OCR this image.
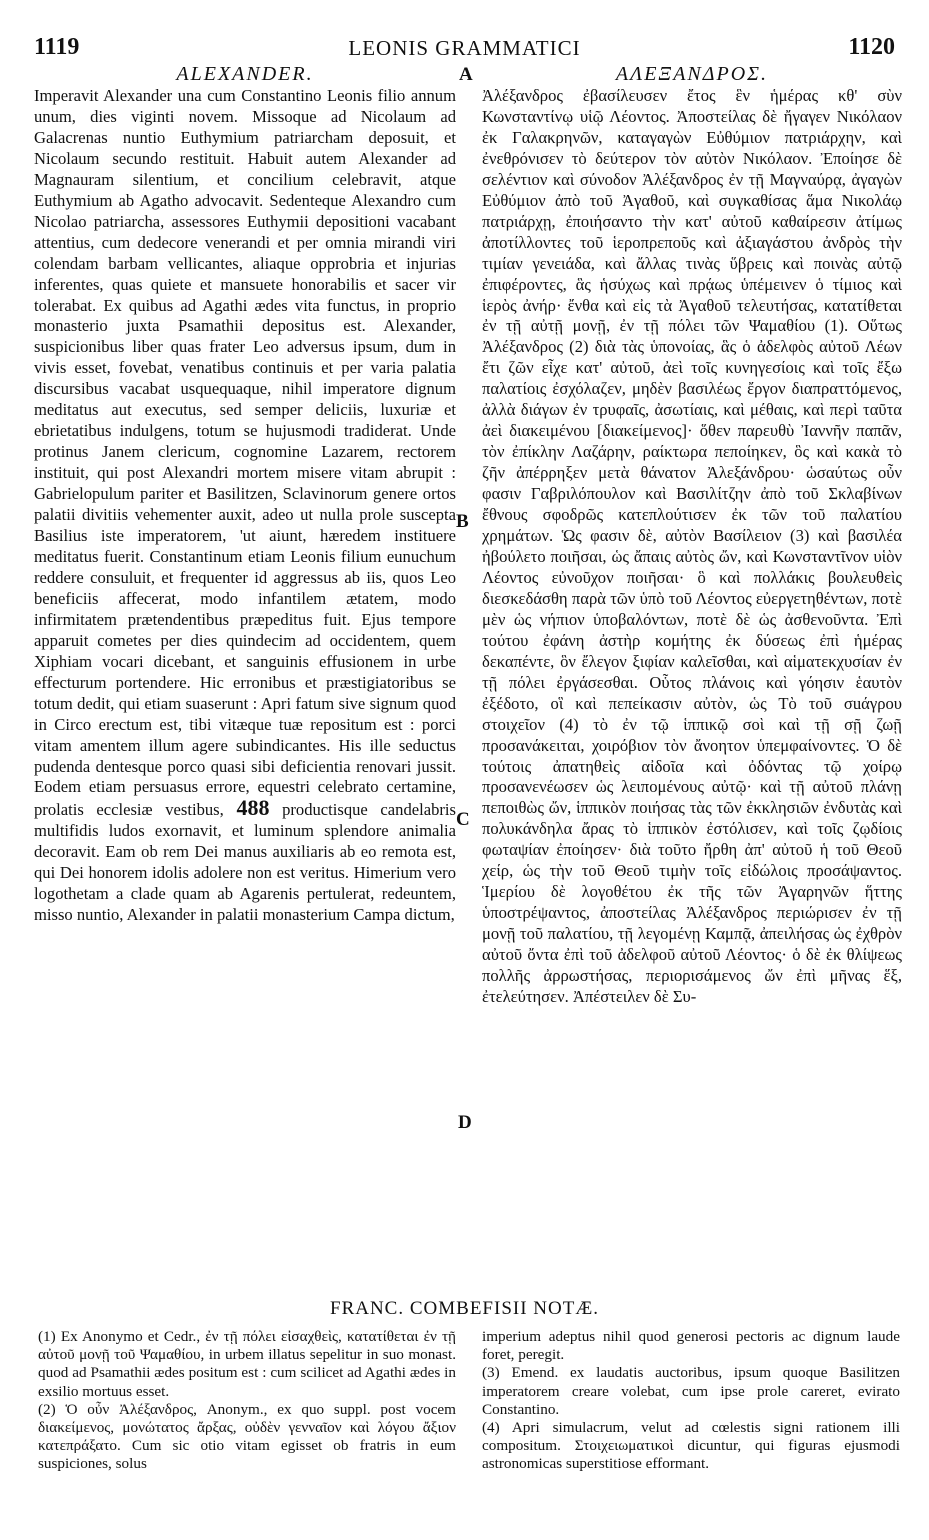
1119	LEONIS GRAMMATICI	1120
ALEXANDER.

Imperavit Alexander una cum Constantino Leonis filio annum unum, dies viginti novem. Missoque ad Nicolaum ad Galacrenas nuntio Euthymium patriarcham deposuit, et Nicolaum secundo restituit. Habuit autem Alexander ad Magnauram silentium, et concilium celebravit, atque Euthymium ab Agatho advocavit. Sedenteque Alexandro cum Nicolao patriarcha, assessores Euthymii depositioni vacabant attentius, cum dedecore venerandi et per omnia mirandi viri colendam barbam vellicantes, aliaque opprobria et injurias inferentes, quas quiete et mansuete honorabilis et sacer vir tolerabat. Ex quibus ad Agathi ædes vita functus, in proprio monasterio juxta Psamathii depositus est. Alexander, suspicionibus liber quas frater Leo adversus ipsum, dum in vivis esset, fovebat, venatibus continuis et per varia palatia discursibus vacabat usquequaque, nihil imperatore dignum meditatus aut executus, sed semper deliciis, luxuriæ et ebrietatibus indulgens, totum se hujusmodi tradiderat. Unde protinus Janem clericum, cognomine Lazarem, rectorem instituit, qui post Alexandri mortem misere vitam abrupit : Gabrielopulum pariter et Basilitzen, Sclavinorum genere ortos palatii divitiis vehementer auxit, adeo ut nulla prole suscepta Basilius iste imperatorem, 'ut aiunt, hæredem instituere meditatus fuerit. Constantinum etiam Leonis filium eunuchum reddere consuluit, et frequenter id aggressus ab iis, quos Leo beneficiis affecerat, modo infantilem ætatem, modo infirmitatem prætendentibus præpeditus fuit. Ejus tempore apparuit cometes per dies quindecim ad occidentem, quem Xiphiam vocari dicebant, et sanguinis effusionem in urbe effecturum portendere. Hic erronibus et præstigiatoribus se totum dedit, qui etiam suaserunt : Apri fatum sive signum quod in Circo erectum est, tibi vitæque tuæ repositum est : porci vitam amentem illum agere subindicantes. His ille seductus pudenda dentesque porco quasi sibi deficientia renovari jussit. Eodem etiam persuasus errore, equestri celebrato certamine, prolatis ecclesiæ vestibus, 488 productisque candelabris multifidis ludos exornavit, et luminum splendore animalia decoravit. Eam ob rem Dei manus auxiliaris ab eo remota est, qui Dei honorem idolis adolere non est veritus. Himerium vero logothetam a clade quam ab Agarenis pertulerat, redeuntem, misso nuntio, Alexander in palatii monasterium Campa dictum,

A
B
C
D
ΑΛΕΞΑΝΔΡΟΣ.

Ἀλέξανδρος ἐβασίλευσεν ἔτος ἓν ἡμέρας κθ' σὺν Κωνσταντίνῳ υἱῷ Λέοντος. Ἀποστείλας δὲ ἤγαγεν Νικόλαον ἐκ Γαλακρηνῶν, καταγαγὼν Εὐθύμιον πατριάρχην, καὶ ἐνεθρόνισεν τὸ δεύτερον τὸν αὐτὸν Νικόλαον. Ἐποίησε δὲ σελέντιον καὶ σύνοδον Ἀλέξανδρος ἐν τῇ Μαγναύρᾳ, ἀγαγὼν Εὐθύμιον ἀπὸ τοῦ Ἀγαθοῦ, καὶ συγκαθίσας ἅμα Νικολάῳ πατριάρχῃ, ἐποιήσαντο τὴν κατ' αὐτοῦ καθαίρεσιν ἀτίμως ἀποτίλλοντες τοῦ ἱεροπρεποῦς καὶ ἀξιαγάστου ἀνδρὸς τὴν τιμίαν γενειάδα, καὶ ἄλλας τινὰς ὕβρεις καὶ ποινὰς αὐτῷ ἐπιφέροντες, ἃς ἡσύχως καὶ πρᾴως ὑπέμεινεν ὁ τίμιος καὶ ἱερὸς ἀνήρ· ἔνθα καὶ εἰς τὰ Ἀγαθοῦ τελευτήσας, κατατίθεται ἐν τῇ αὐτῇ μονῇ, ἐν τῇ πόλει τῶν Ψαμαθίου (1). Οὕτως Ἀλέξανδρος (2) διὰ τὰς ὑπονοίας, ἃς ὁ ἀδελφὸς αὐτοῦ Λέων ἔτι ζῶν εἶχε κατ' αὐτοῦ, ἀεὶ τοῖς κυνηγεσίοις καὶ τοῖς ἔξω παλατίοις ἐσχόλαζεν, μηδὲν βασιλέως ἔργον διαπραττόμενος, ἀλλὰ διάγων ἐν τρυφαῖς, ἀσωτίαις, καὶ μέθαις, καὶ περὶ ταῦτα ἀεὶ διακειμένου [διακείμενος]· ὅθεν παρευθὺ Ἰαννῆν παπᾶν, τὸν ἐπίκλην Λαζάρην, ραίκτωρα πεποίηκεν, ὃς καὶ κακὰ τὸ ζῆν ἀπέρρηξεν μετὰ θάνατον Ἀλεξάνδρου· ὡσαύτως οὖν φασιν Γαβριλόπουλον καὶ Βασιλίτζην ἀπὸ τοῦ Σκλαβίνων ἔθνους σφοδρῶς κατεπλούτισεν ἐκ τῶν τοῦ παλατίου χρημάτων. Ὡς φασιν δὲ, αὐτὸν Βασίλειον (3) καὶ βασιλέα ἠβούλετο ποιῆσαι, ὡς ἄπαις αὐτὸς ὤν, καὶ Κωνσταντῖνον υἱὸν Λέοντος εὐνοῦχον ποιῆσαι· ὃ καὶ πολλάκις βουλευθεὶς διεσκεδάσθη παρὰ τῶν ὑπὸ τοῦ Λέοντος εὐεργετηθέντων, ποτὲ μὲν ὡς νήπιον ὑποβαλόντων, ποτὲ δὲ ὡς ἀσθενοῦντα. Ἐπὶ τούτου ἐφάνη ἀστὴρ κομήτης ἐκ δύσεως ἐπὶ ἡμέρας δεκαπέντε, ὃν ἔλεγον ξιφίαν καλεῖσθαι, καὶ αἱματεκχυσίαν ἐν τῇ πόλει ἐργάσεσθαι. Οὗτος πλάνοις καὶ γόησιν ἑαυτὸν ἐξέδοτο, οἳ καὶ πεπείκασιν αὐτὸν, ὡς Τὸ τοῦ σuάγρου στοιχεῖον (4) τὸ ἐν τῷ ἱππικῷ σοὶ καὶ τῇ σῇ ζωῇ προσανάκειται, χοιρόβιον τὸν ἄνοητον ὑπεμφαίνοντες. Ὁ δὲ τούτοις ἀπατηθεὶς αἰδοῖα καὶ ὀδόντας τῷ χοίρῳ προσανενέωσεν ὡς λειπομένους αὐτῷ· καὶ τῇ αὐτοῦ πλάνῃ πεποιθὼς ὤν, ἱππικὸν ποιήσας τὰς τῶν ἐκκλησιῶν ἐνδυτὰς καὶ πολυκάνδηλα ἄρας τὸ ἱππικὸν ἐστόλισεν, καὶ τοῖς ζῳδίοις φωταψίαν ἐποίησεν· διὰ τοῦτο ἤρθη ἀπ' αὐτοῦ ἡ τοῦ Θεοῦ χείρ, ὡς τὴν τοῦ Θεοῦ τιμὴν τοῖς εἰδώλοις προσάψαντος. Ἱμερίου δὲ λογοθέτου ἐκ τῆς τῶν Ἀγαρηνῶν ἥττης ὑποστρέψαντος, ἀποστείλας Ἀλέξανδρος περιώρισεν ἐν τῇ μονῇ τοῦ παλατίου, τῇ λεγομένῃ Καμπᾷ, ἀπειλήσας ὡς ἐχθρὸν αὐτοῦ ὄντα ἐπὶ τοῦ ἀδελφοῦ αὐτοῦ Λέοντος· ὁ δὲ ἐκ θλίψεως πολλῆς ἀρρωστήσας, περιορισάμενος ὤν ἐπὶ μῆνας ἕξ, ἐτελεύτησεν. Ἀπέστειλεν δὲ Συ-

FRANC. COMBEFISII NOTÆ.

(1) Ex Anonymo et Cedr., ἐν τῇ πόλει εἰσαχθεὶς, κατατίθεται ἐν τῇ αὐτοῦ μονῇ τοῦ Ψαμαθίου, in urbem illatus sepelitur in suo monast. quod ad Psamathii ædes positum est : cum scilicet ad Agathi ædes in exsilio mortuus esset.

(2) Ὁ οὖν Ἀλέξανδρος, Anonym., ex quo suppl. post vocem διακείμενος, μονώτατος ἄρξας, οὐδὲν γενναῖον καὶ λόγου ἄξιον κατεπράξατο. Cum sic otio vitam egisset ob fratris in eum suspiciones, solus

imperium adeptus nihil quod generosi pectoris ac dignum laude foret, peregit.

(3) Emend. ex laudatis auctoribus, ipsum quoque Basilitzen imperatorem creare volebat, cum ipse prole careret, evirato Constantino.

(4) Apri simulacrum, velut ad cœlestis signi rationem illi compositum. Στοιχειωματικοὶ dicuntur, qui figuras ejusmodi astronomicas superstitiose efformant.
